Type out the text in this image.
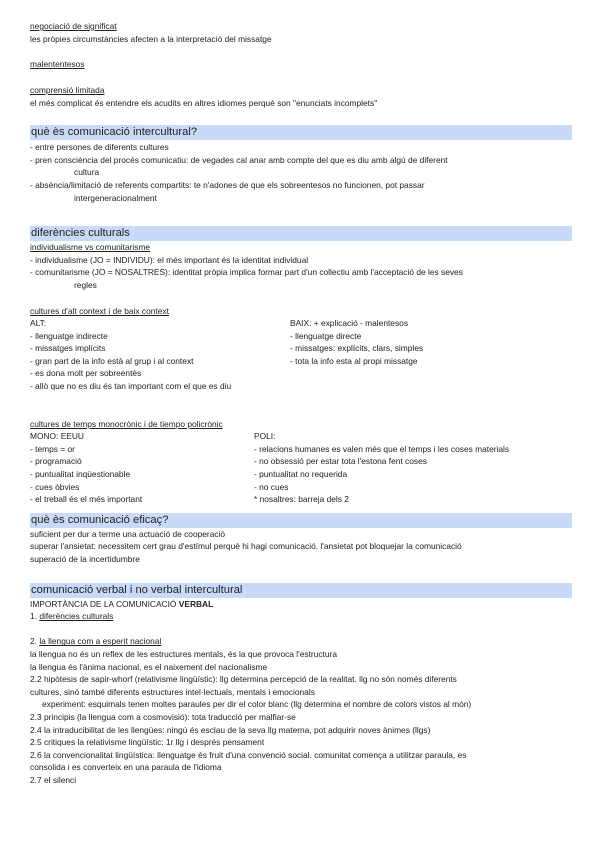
negociació de significat
les pròpies circumstàncies afecten a la interpretació del missatge
malententesos
comprensió limitada
el més complicat és entendre els acudits en altres idiomes perquè son "enunciats incomplets"
què ès comunicació intercultural?
- entre persones de diferents cultures
- pren consciència del procés comunicatiu: de vegades cal anar amb compte del que es diu amb algú de diferent
cultura
- absència/limitació de referents compartits: te n'adones de que els sobreentesos no funcionen, pot passar
intergeneracionalment
diferències culturals
individualisme vs comunitarisme
- individualisme (JO = INDIVIDU): el més important és la identitat individual
- comunitarisme (JO = NOSALTRES): identitat pròpia implica formar part d'un collectiu amb l'acceptació de les seves
regles
cultures d'alt context i de baix context
ALT:
- llenguatge indirecte
- missatges implícits
- gran part de la info està al grup i al context
- es dona molt per sobreentès
- allò que no es diu és tan important com el que es diu
BAIX: + explicació - malentesos
- llenguatge directe
- missatges: explícits, clars, simples
- tota la info esta al propi missatge
cultures de temps monocrònic i de tiempo policrònic
MONO: EEUU
- temps = or
- programació
- puntualitat inqüestionable
- cues òbvies
- el treball és el més important
POLI:
- relacions humanes es valen més que el temps i les coses materials
- no obsessió per estar tota l'estona fent coses
- puntualitat no requerida
- no cues
* nosaltres: barreja dels 2
què ès comunicació eficaç?
suficient per dur a terme una actuació de cooperació
superar l'ansietat: necessitem cert grau d'estímul perquè hi hagi comunicació. l'ansietat pot bloquejar la comunicació
superació de la incertidumbre
comunicació verbal i no verbal intercultural
IMPORTÀNCIA DE LA COMUNICACIÓ VERBAL
1. diferències culturals
2. la llengua com a esperit nacional
la llengua no és un reflex de les estructures mentals, és la que provoca l'estructura
la llengua és l'ànima nacional, es el naixement del nacionalisme
2.2 hipòtesis de sapir-whorf (relativisme lingüístic): llg determina percepció de la realitat. llg no són només diferents
cultures, sinó també diferents estructures intel·lectuals, mentals i emocionals
experiment: esquimals tenen moltes paraules per dir el color blanc (llg determina el nombre de colors vistos al món)
2.3 principis (la llengua com a cosmovisió): tota traducció per malfiar-se
2.4 la intraducibilitat de les llengües: ningú és esclau de la seva llg materna, pot adquirir noves ànimes (llgs)
2.5 critiques la relativisme lingüístic: 1r llg i després pensament
2.6 la convencionalitat lingüística: llenguatge és fruit d'una convenció social. comunitat comença a utilitzar paraula, es
consolida i es converteix en una paraula de l'idioma
2.7 el silenci
